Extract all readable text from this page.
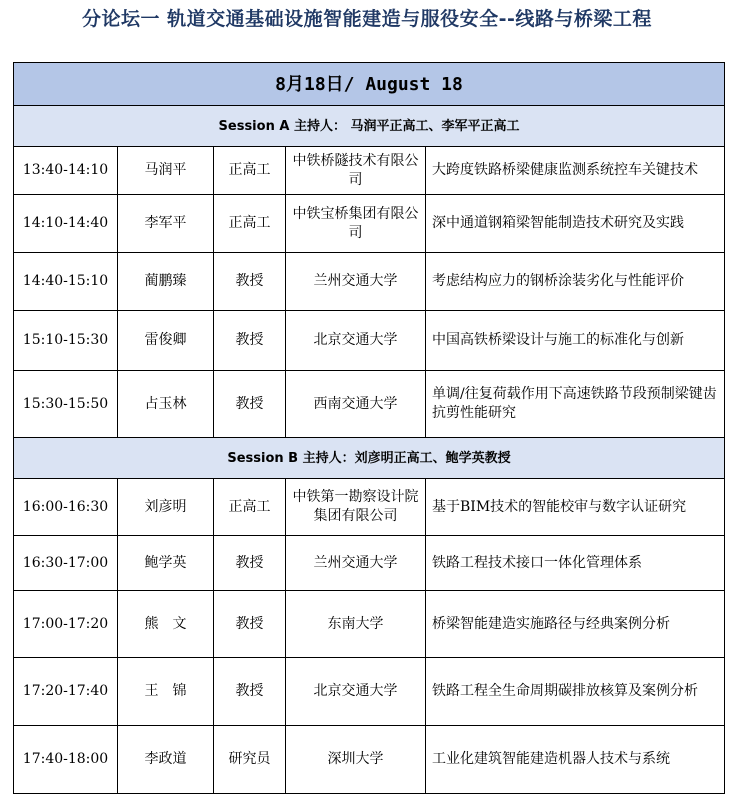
分论坛一 轨道交通基础设施智能建造与服役安全--线路与桥梁工程
8月18日/ August 18				
Session A 主持人： 马润平正高工、李军平正高工				
13:40-14:10	马润平	正高工	中铁桥隧技术有限公司	大跨度铁路桥梁健康监测系统控车关键技术
14:10-14:40	李军平	正高工	中铁宝桥集团有限公司	深中通道钢箱梁智能制造技术研究及实践
14:40-15:10	蔺鹏臻	教授	兰州交通大学	考虑结构应力的钢桥涂装劣化与性能评价
15:10-15:30	雷俊卿	教授	北京交通大学	中国高铁桥梁设计与施工的标准化与创新
15:30-15:50	占玉林	教授	西南交通大学	单调/往复荷载作用下高速铁路节段预制梁键齿抗剪性能研究
Session B 主持人：刘彦明正高工、鲍学英教授				
16:00-16:30	刘彦明	正高工	中铁第一勘察设计院集团有限公司	基于BIM技术的智能校审与数字认证研究
16:30-17:00	鲍学英	教授	兰州交通大学	铁路工程技术接口一体化管理体系
17:00-17:20	熊　文	教授	东南大学	桥梁智能建造实施路径与经典案例分析
17:20-17:40	王　锦	教授	北京交通大学	铁路工程全生命周期碳排放核算及案例分析
17:40-18:00	李政道	研究员	深圳大学	工业化建筑智能建造机器人技术与系统
